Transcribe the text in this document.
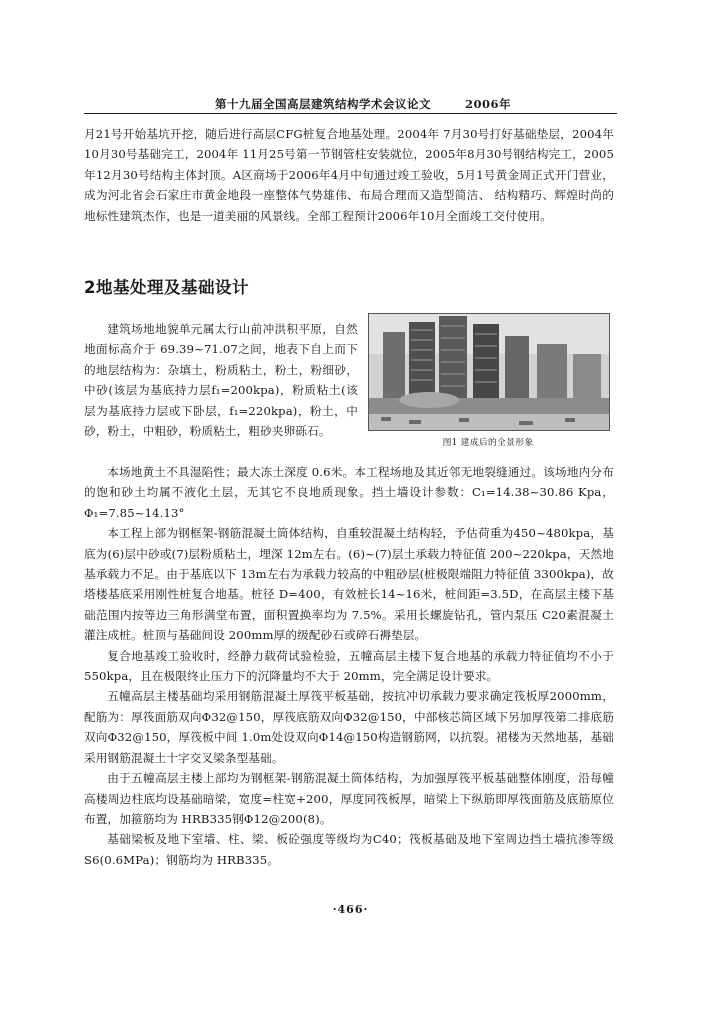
第十九届全国高层建筑结构学术会议论文	2006年

月21号开始基坑开挖，随后进行高层CFG桩复合地基处理。2004年 7月30号打好基础垫层，2004年 10月30号基础完工，2004年 11月25号第一节钢管柱安装就位，2005年8月30号钢结构完工，2005年12月30号结构主体封顶。A区商场于2006年4月中旬通过竣工验收，5月1号黄金周正式开门营业，成为河北省会石家庄市黄金地段一座整体气势雄伟、布局合理而又造型简洁、 结构精巧、辉煌时尚的地标性建筑杰作，也是一道美丽的风景线。全部工程预计2006年10月全面竣工交付使用。

2地基处理及基础设计

建筑场地地貌单元属太行山前冲洪积平原，自然地面标高介于 69.39~71.07之间，地表下自上而下的地层结构为：杂填土，粉质粘土，粉土，粉细砂，中砂(该层为基底持力层f₁=200kpa)，粉质粘土(该层为基底持力层或下卧层，f₁=220kpa)，粉土，中砂，粉土，中粗砂，粉质粘土，粗砂夹卵砾石。

图1 建成后的全景形象

本场地黄土不具湿陷性；最大冻土深度 0.6米。本工程场地及其近邻无地裂缝通过。该场地内分布的饱和砂土均属不液化土层，无其它不良地质现象。挡土墙设计参数：C₁=14.38~30.86 Kpa，Φ₁=7.85~14.13°

本工程上部为钢框架-钢筋混凝土筒体结构，自重较混凝土结构轻，予估荷重为450~480kpa，基底为(6)层中砂或(7)层粉质粘土，埋深 12m左右。(6)~(7)层土承载力特征值 200~220kpa，天然地基承载力不足。由于基底以下 13m左右为承载力较高的中粗砂层(桩极限端阻力特征值 3300kpa)，故塔楼基底采用刚性桩复合地基。桩径 D=400，有效桩长14~16米，桩间距=3.5D，在高层主楼下基础范围内按等边三角形满堂布置，面积置换率均为 7.5%。采用长螺旋钻孔，管内泵压 C20素混凝土灌注成桩。桩顶与基础间设 200mm厚的级配砂石或碎石褥垫层。

复合地基竣工验收时，经静力载荷试验检验，五幢高层主楼下复合地基的承载力特征值均不小于550kpa，且在极限终止压力下的沉降量均不大于 20mm，完全满足设计要求。

五幢高层主楼基础均采用钢筋混凝土厚筏平板基础，按抗冲切承载力要求确定筏板厚2000mm，配筋为：厚筏面筋双向Φ32@150，厚筏底筋双向Φ32@150，中部核芯筒区域下另加厚筏第二排底筋双向Φ32@150，厚筏板中间 1.0m处设双向Φ14@150构造钢筋网，以抗裂。裙楼为天然地基，基础采用钢筋混凝土十字交叉梁条型基础。

由于五幢高层主楼上部均为钢框架-钢筋混凝土筒体结构，为加强厚筏平板基础整体刚度，沿每幢高楼周边柱底均设基础暗梁，宽度=柱宽+200，厚度同筏板厚，暗梁上下纵筋即厚筏面筋及底筋原位布置，加箍筋均为 HRB335钢Φ12@200(8)。

基础梁板及地下室墙、柱、梁、板砼强度等级均为C40；筏板基础及地下室周边挡土墙抗渗等级 S6(0.6MPa)；钢筋均为 HRB335。

·466·
